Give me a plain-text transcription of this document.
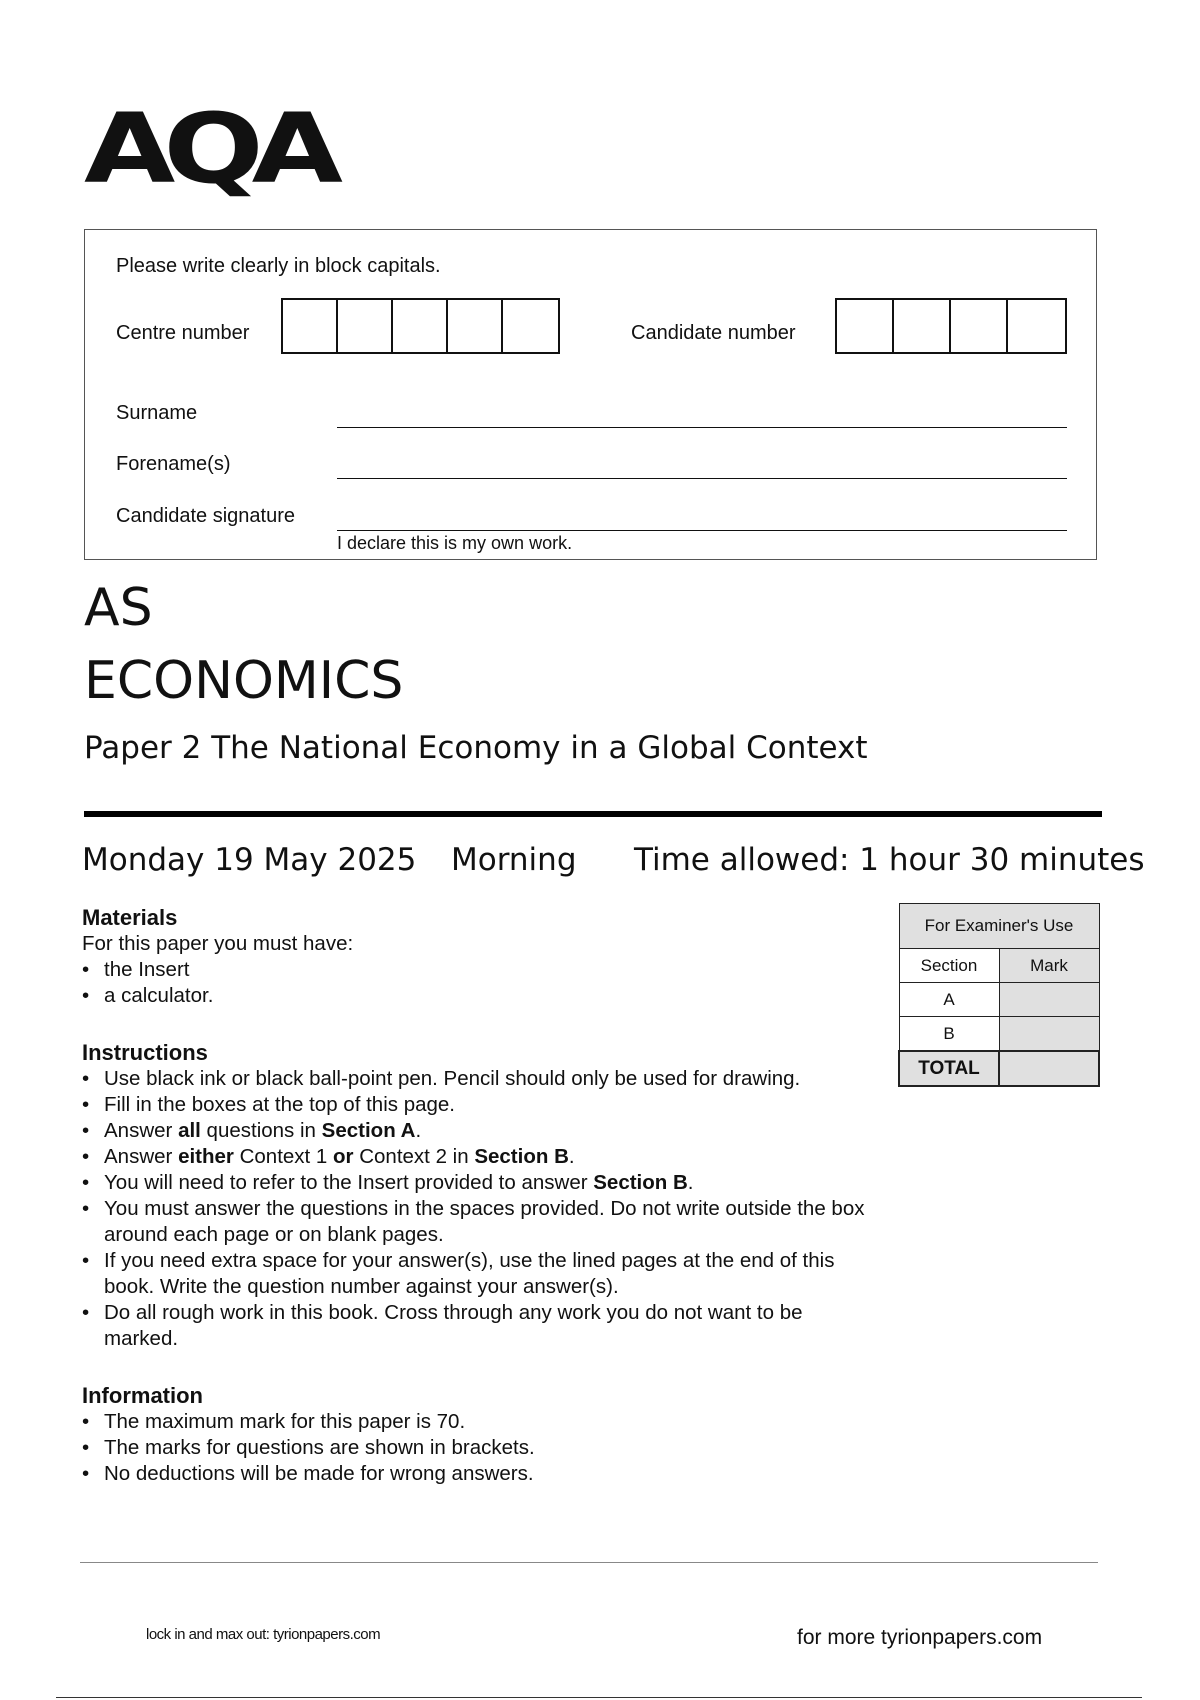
AQA
Please write clearly in block capitals.
Centre number	Candidate number
Surname
Forename(s)
Candidate signature
I declare this is my own work.
AS
ECONOMICS
Paper 2 The National Economy in a Global Context
Monday 19 May 2025 Morning Time allowed: 1 hour 30 minutes
Materials
For this paper you must have:
• the Insert
• a calculator.
Instructions
• Use black ink or black ball-point pen. Pencil should only be used for drawing.
• Fill in the boxes at the top of this page.
• Answer all questions in Section A.
• Answer either Context 1 or Context 2 in Section B.
• You will need to refer to the Insert provided to answer Section B.
• You must answer the questions in the spaces provided. Do not write outside the box around each page or on blank pages.
• If you need extra space for your answer(s), use the lined pages at the end of this book. Write the question number against your answer(s).
• Do all rough work in this book. Cross through any work you do not want to be marked.
Information
• The maximum mark for this paper is 70.
• The marks for questions are shown in brackets.
• No deductions will be made for wrong answers.
For Examiner's Use	
Section	Mark
A	
B	
TOTAL	
lock in and max out: tyrionpapers.com	for more tyrionpapers.com
